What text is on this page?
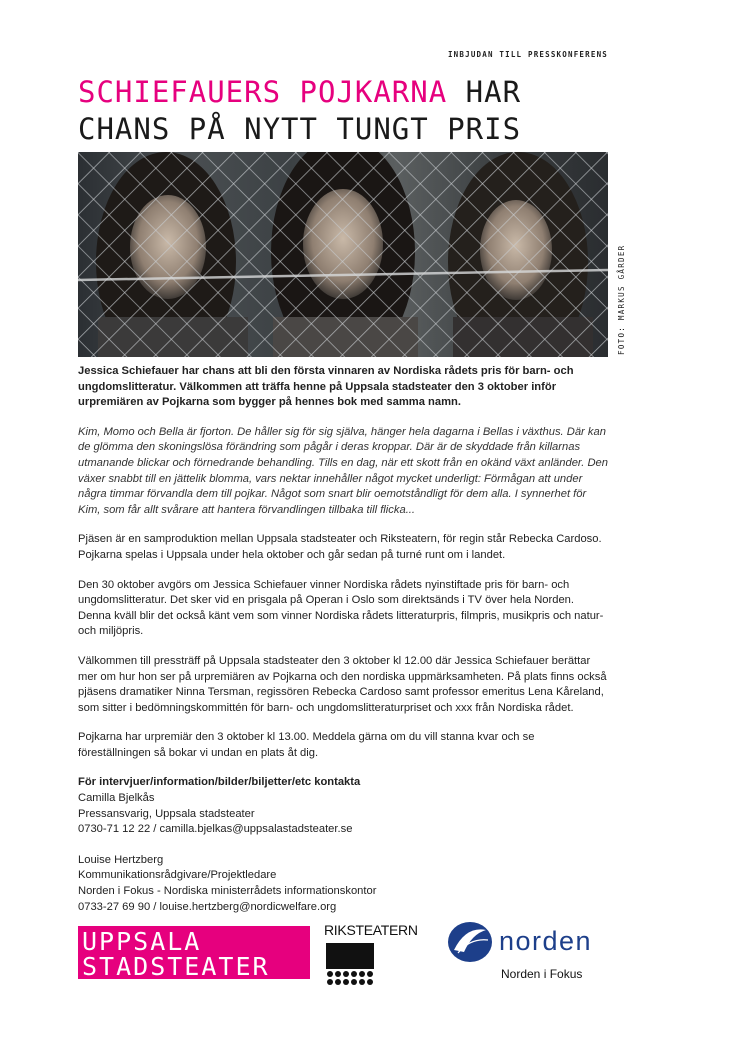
INBJUDAN TILL PRESSKONFERENS
SCHIEFAUERS POJKARNA HAR CHANS PÅ NYTT TUNGT PRIS
FOTO: MARKUS GÅRDER

Jessica Schiefauer har chans att bli den första vinnaren av Nordiska rådets pris för barn- och ungdomslitteratur. Välkommen att träffa henne på Uppsala stadsteater den 3 oktober inför urpremiären av Pojkarna som bygger på hennes bok med samma namn.

Kim, Momo och Bella är fjorton. De håller sig för sig själva, hänger hela dagarna i Bellas i växthus. Där kan de glömma den skoningslösa förändring som pågår i deras kroppar. Där är de skyddade från killarnas utmanande blickar och förnedrande behandling. Tills en dag, när ett skott från en okänd växt anländer. Den växer snabbt till en jättelik blomma, vars nektar innehåller något mycket underligt: Förmågan att under några timmar förvandla dem till pojkar. Något som snart blir oemotståndligt för dem alla. I synnerhet för Kim, som får allt svårare att hantera förvandlingen tillbaka till flicka...

Pjäsen är en samproduktion mellan Uppsala stadsteater och Riksteatern, för regin står Rebecka Cardoso. Pojkarna spelas i Uppsala under hela oktober och går sedan på turné runt om i landet.

Den 30 oktober avgörs om Jessica Schiefauer vinner Nordiska rådets nyinstiftade pris för barn- och ungdomslitteratur. Det sker vid en prisgala på Operan i Oslo som direktsänds i TV över hela Norden. Denna kväll blir det också känt vem som vinner Nordiska rådets litteraturpris, filmpris, musikpris och natur- och miljöpris.

Välkommen till pressträff på Uppsala stadsteater den 3 oktober kl 12.00 där Jessica Schiefauer berättar mer om hur hon ser på urpremiären av Pojkarna och den nordiska uppmärksamheten. På plats finns också pjäsens dramatiker Ninna Tersman, regissören Rebecka Cardoso samt professor emeritus Lena Kåreland, som sitter i bedömningskommittén för barn- och ungdomslitteraturpriset och xxx från Nordiska rådet.

Pojkarna har urpremiär den 3 oktober kl 13.00. Meddela gärna om du vill stanna kvar och se föreställningen så bokar vi undan en plats åt dig.

För intervjuer/information/bilder/biljetter/etc kontakta
Camilla Bjelkås
Pressansvarig, Uppsala stadsteater
0730-71 12 22 / camilla.bjelkas@uppsalastadsteater.se

Louise Hertzberg
Kommunikationsrådgivare/Projektledare
Norden i Fokus - Nordiska ministerrådets informationskontor
0733-27 69 90 / louise.hertzberg@nordicwelfare.org

UPPSALA
STADSTEATER
>>>> RIKSTEATERN	norden
Norden i Fokus
